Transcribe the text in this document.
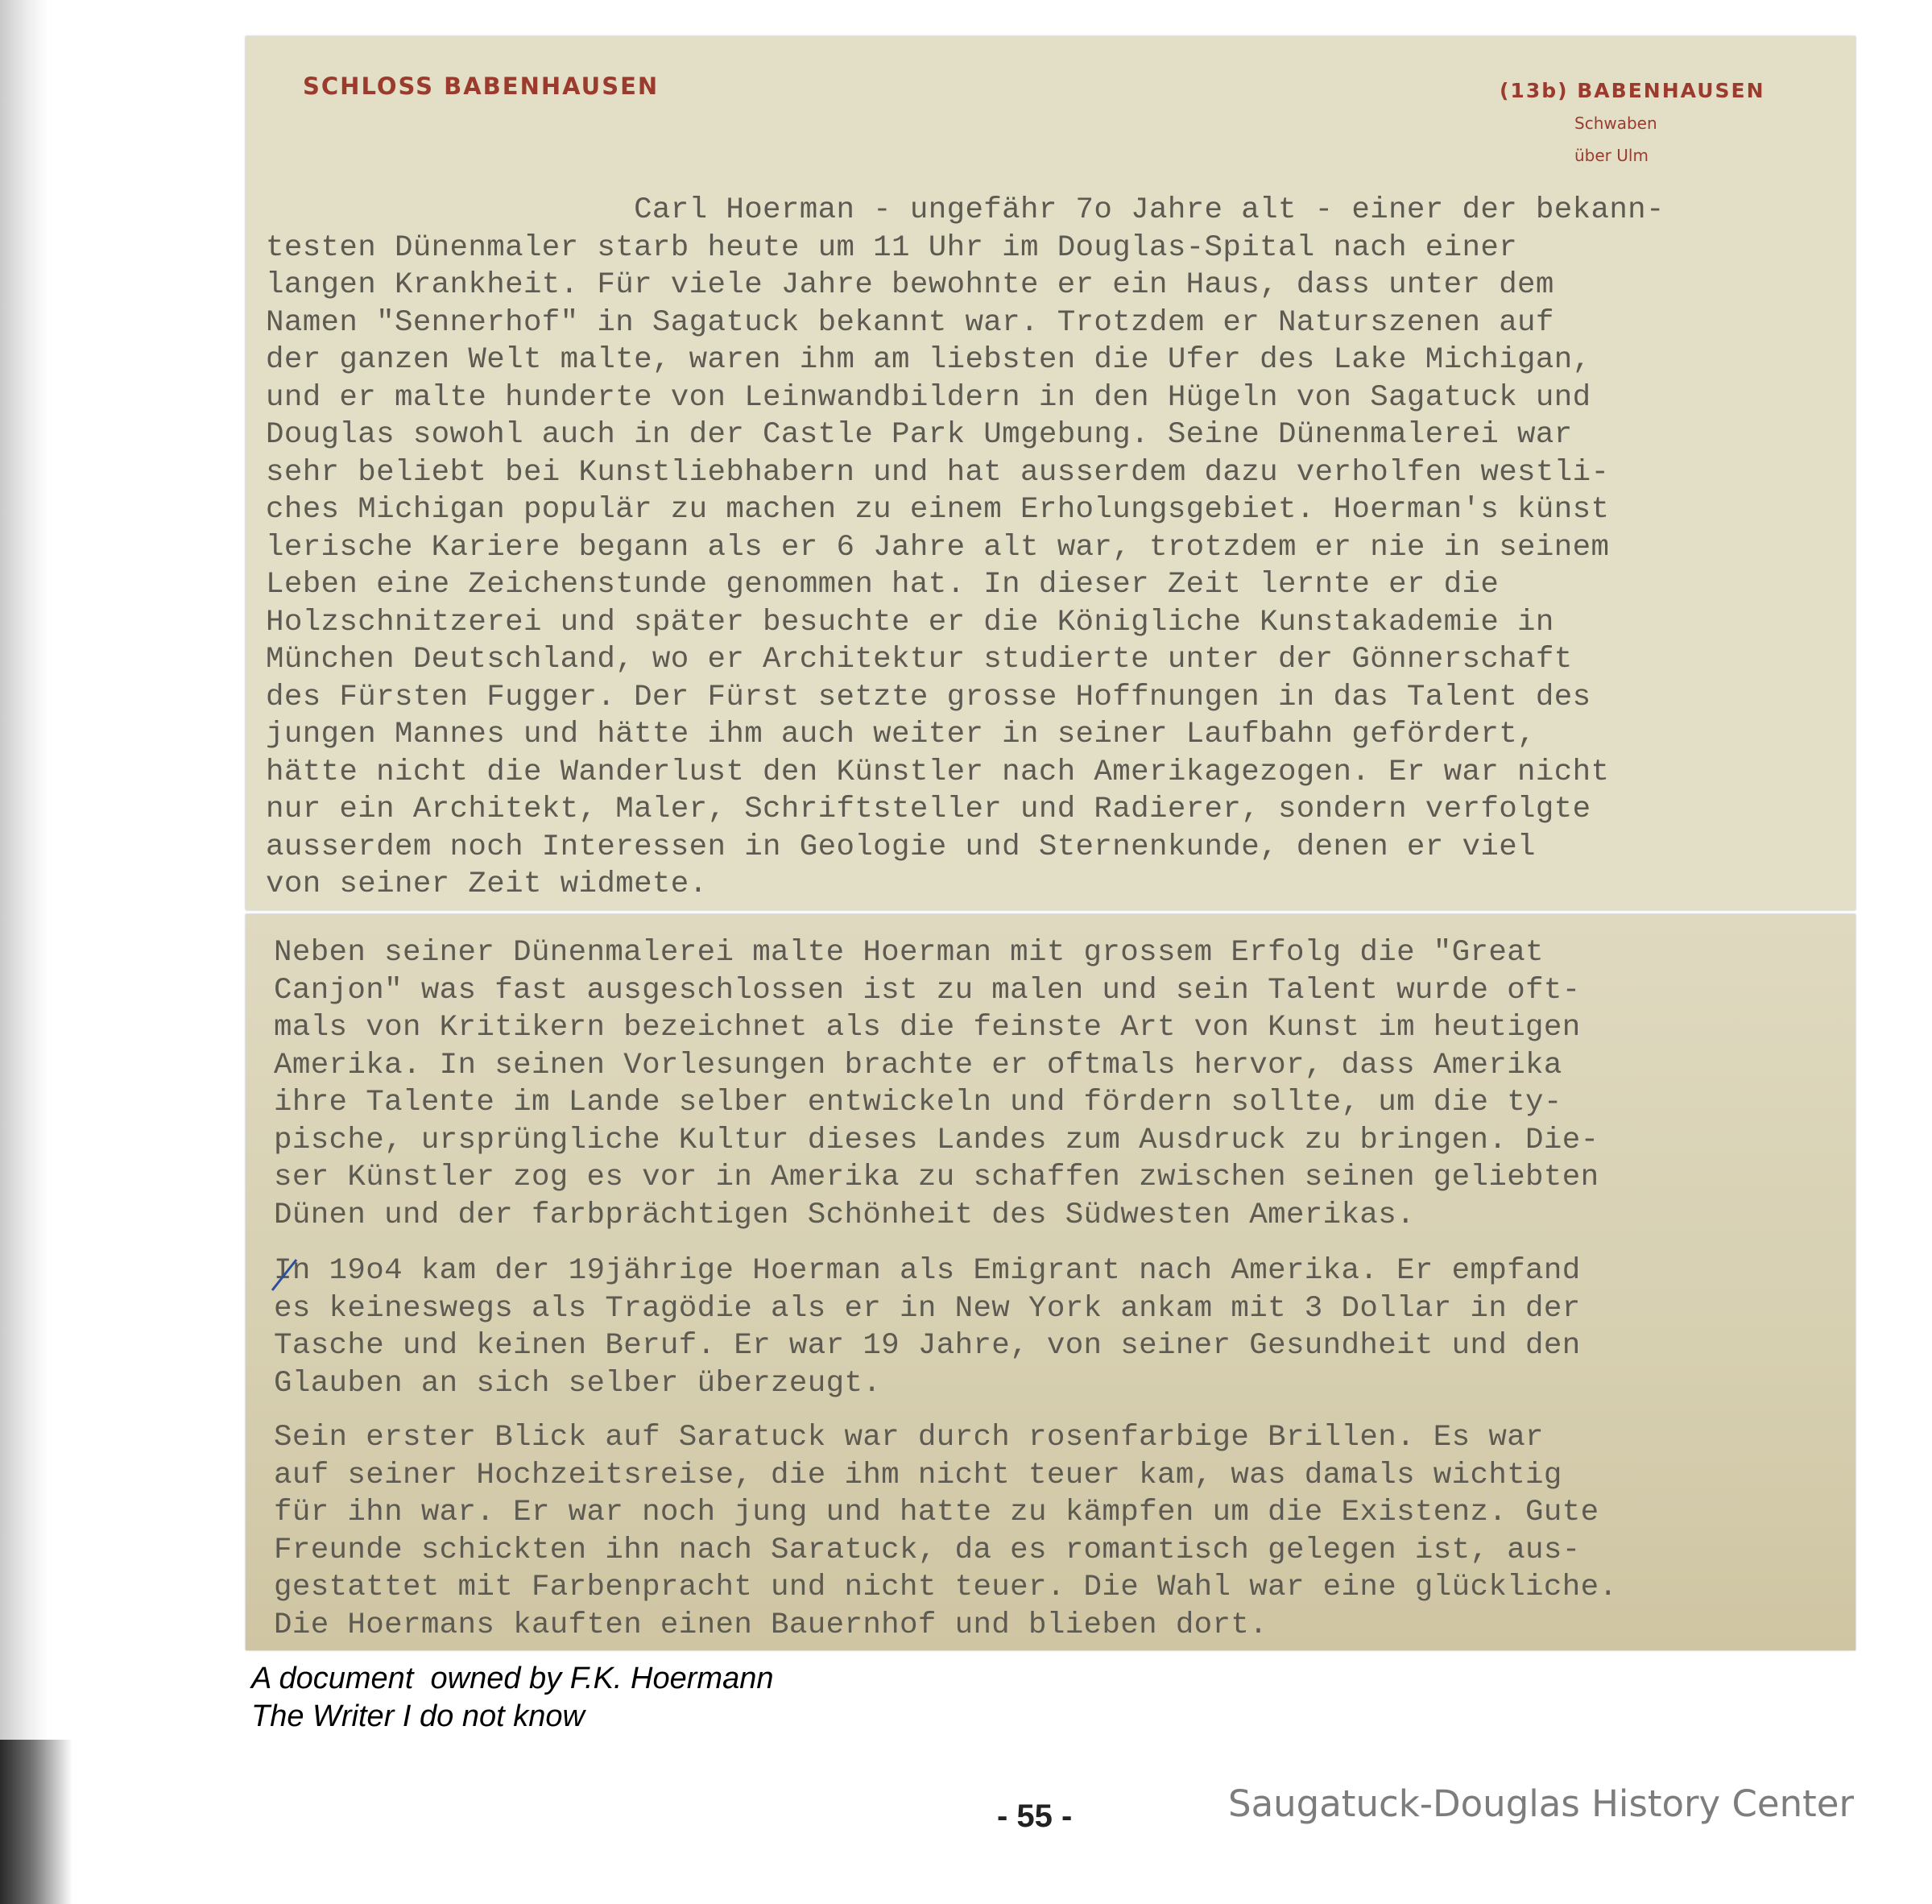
SCHLOSS BABENHAUSEN	(13b) BABENHAUSEN
Schwaben
über Ulm
Carl Hoerman - ungefähr 7o Jahre alt - einer der bekann-
testen Dünenmaler starb heute um 11 Uhr im Douglas-Spital nach einer
langen Krankheit. Für viele Jahre bewohnte er ein Haus, dass unter dem
Namen "Sennerhof" in Sagatuck bekannt war. Trotzdem er Naturszenen auf
der ganzen Welt malte, waren ihm am liebsten die Ufer des Lake Michigan,
und er malte hunderte von Leinwandbildern in den Hügeln von Sagatuck und
Douglas sowohl auch in der Castle Park Umgebung. Seine Dünenmalerei war
sehr beliebt bei Kunstliebhabern und hat ausserdem dazu verholfen westli-
ches Michigan populär zu machen zu einem Erholungsgebiet. Hoerman's künst
lerische Kariere begann als er 6 Jahre alt war, trotzdem er nie in seinem
Leben eine Zeichenstunde genommen hat. In dieser Zeit lernte er die
Holzschnitzerei und später besuchte er die Königliche Kunstakademie in
München Deutschland, wo er Architektur studierte unter der Gönnerschaft
des Fürsten Fugger. Der Fürst setzte grosse Hoffnungen in das Talent des
jungen Mannes und hätte ihm auch weiter in seiner Laufbahn gefördert,
hätte nicht die Wanderlust den Künstler nach Amerikagezogen. Er war nicht
nur ein Architekt, Maler, Schriftsteller und Radierer, sondern verfolgte
ausserdem noch Interessen in Geologie und Sternenkunde, denen er viel
von seiner Zeit widmete.
Neben seiner Dünenmalerei malte Hoerman mit grossem Erfolg die "Great
Canjon" was fast ausgeschlossen ist zu malen und sein Talent wurde oft-
mals von Kritikern bezeichnet als die feinste Art von Kunst im heutigen
Amerika. In seinen Vorlesungen brachte er oftmals hervor, dass Amerika
ihre Talente im Lande selber entwickeln und fördern sollte, um die ty-
pische, ursprüngliche Kultur dieses Landes zum Ausdruck zu bringen. Die-
ser Künstler zog es vor in Amerika zu schaffen zwischen seinen geliebten
Dünen und der farbprächtigen Schönheit des Südwesten Amerikas.
In 19o4 kam der 19jährige Hoerman als Emigrant nach Amerika. Er empfand
es keineswegs als Tragödie als er in New York ankam mit 3 Dollar in der
Tasche und keinen Beruf. Er war 19 Jahre, von seiner Gesundheit und den
Glauben an sich selber überzeugt.
Sein erster Blick auf Saratuck war durch rosenfarbige Brillen. Es war
auf seiner Hochzeitsreise, die ihm nicht teuer kam, was damals wichtig
für ihn war. Er war noch jung und hatte zu kämpfen um die Existenz. Gute
Freunde schickten ihn nach Saratuck, da es romantisch gelegen ist, aus-
gestattet mit Farbenpracht und nicht teuer. Die Wahl war eine glückliche.
Die Hoermans kauften einen Bauernhof und blieben dort.
A document  owned by F.K. Hoermann
The Writer I do not know
- 55 -	Saugatuck-Douglas History Center
